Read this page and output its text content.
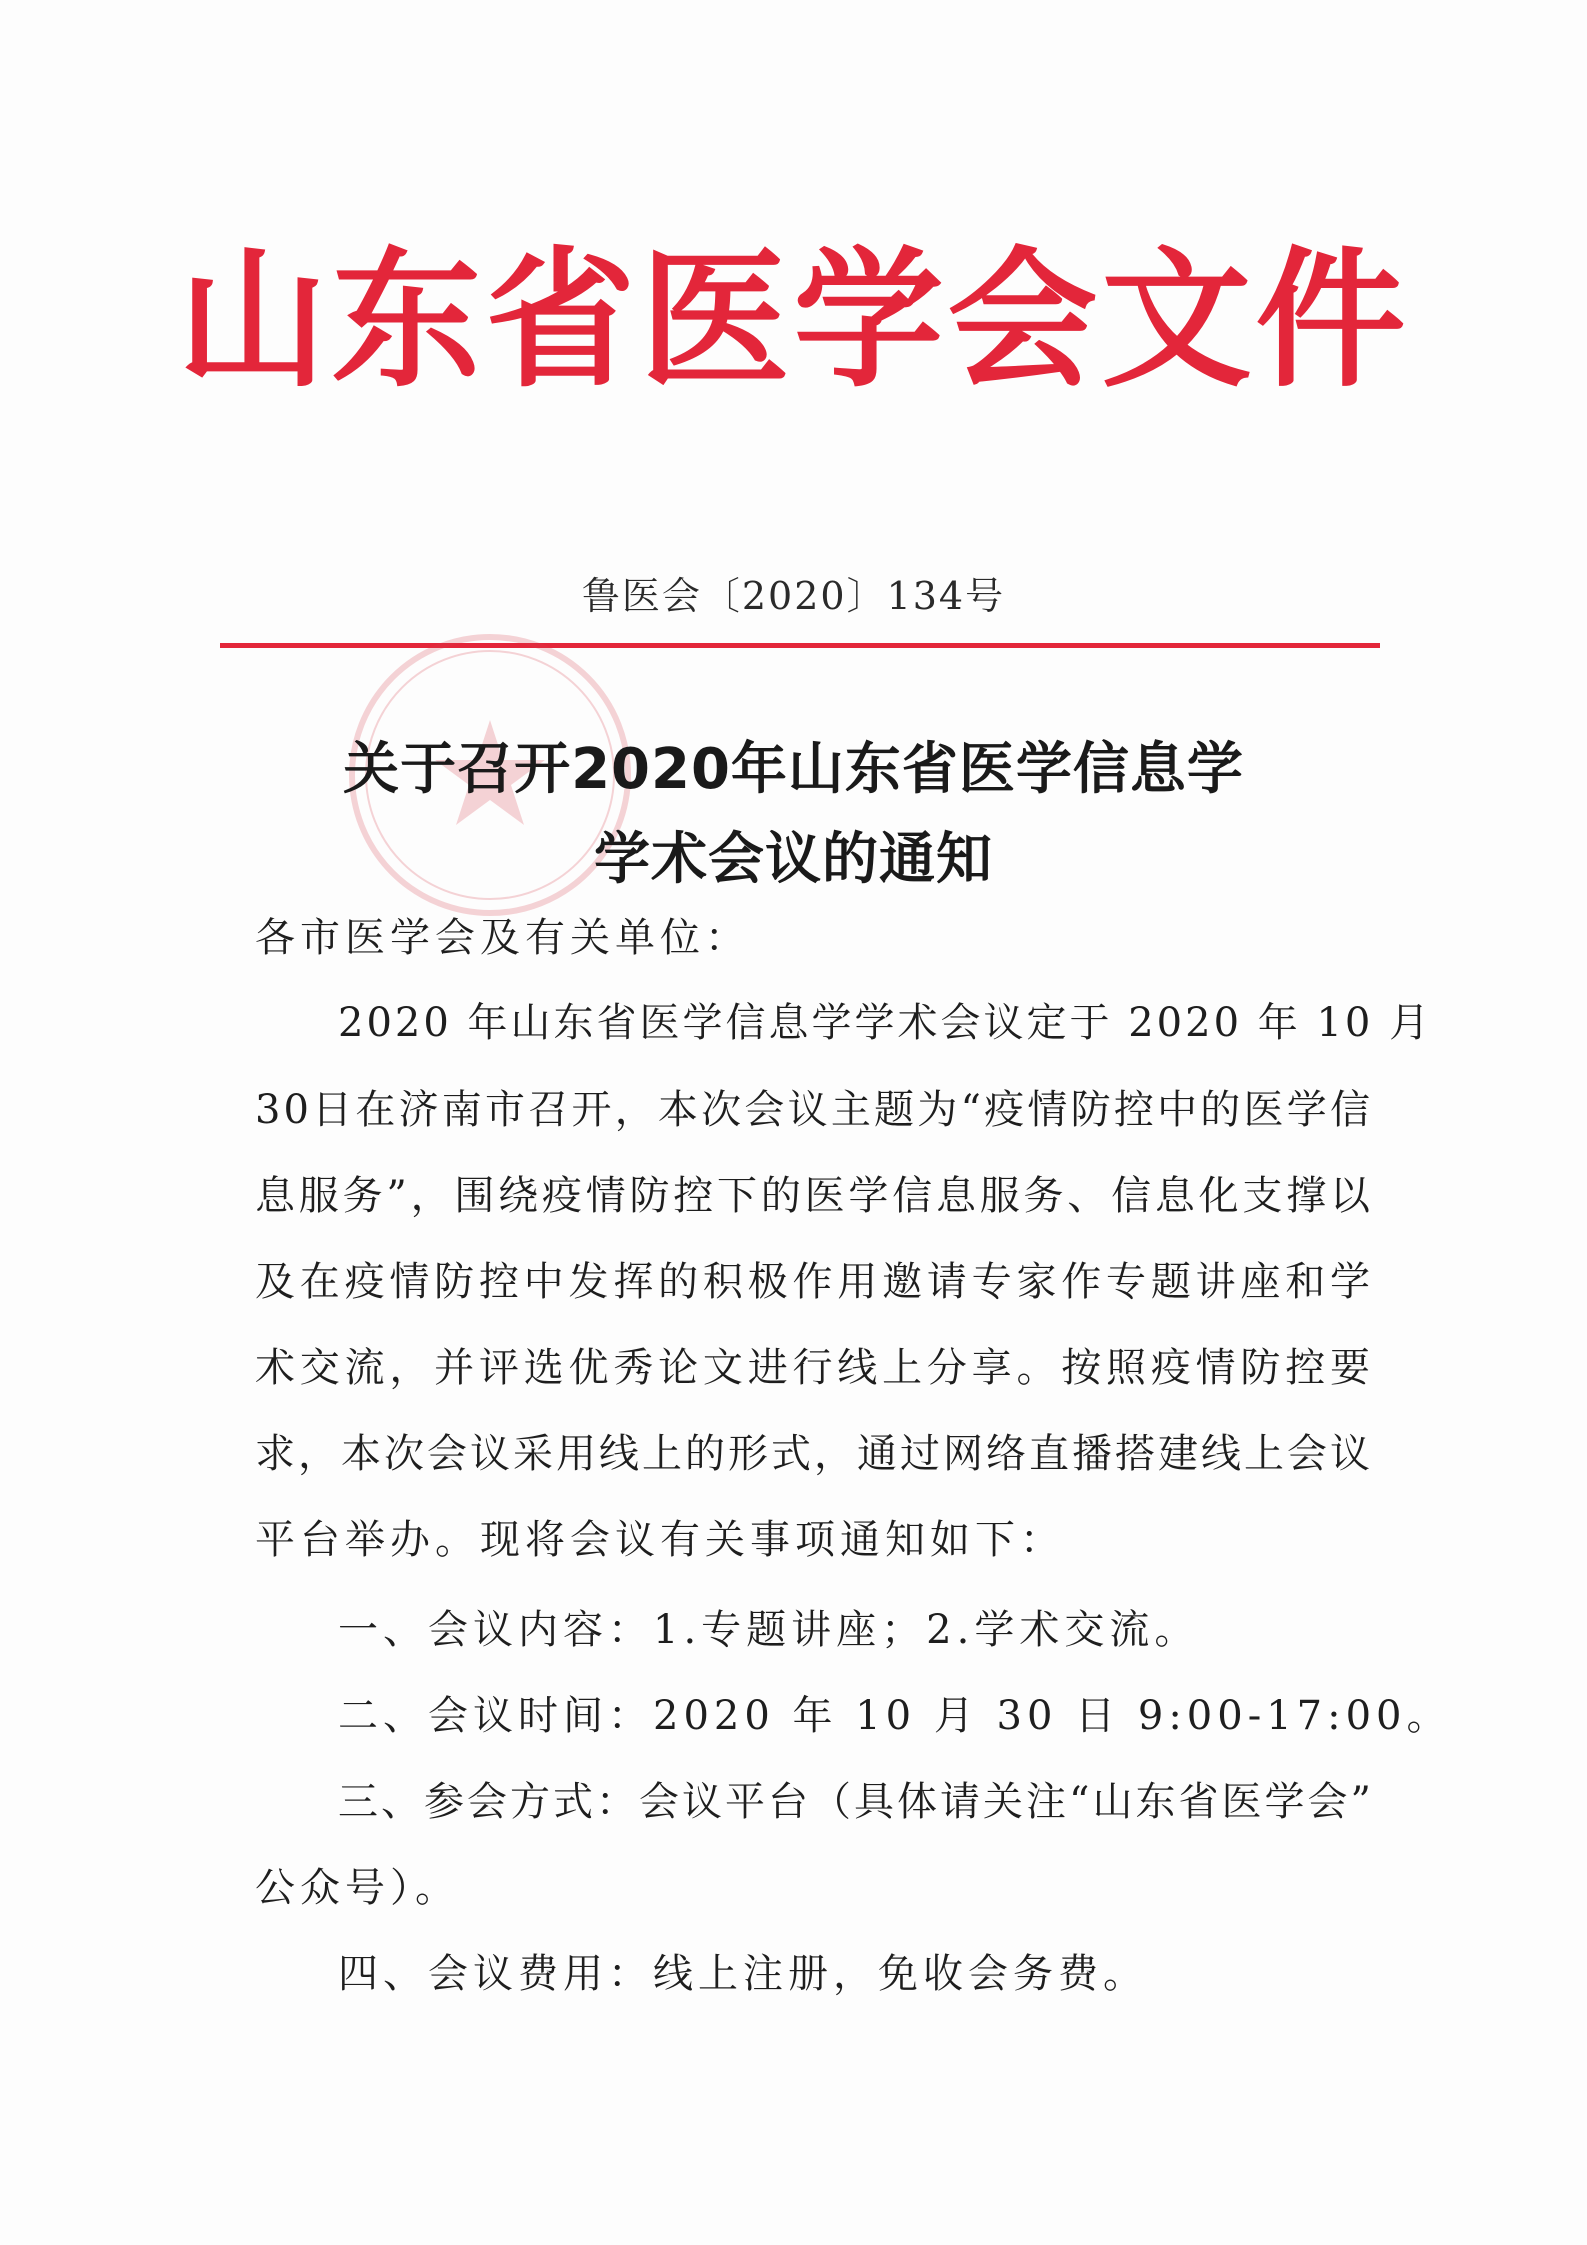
山东省医学会文件
鲁医会〔2020〕134号
关于召开2020年山东省医学信息学
学术会议的通知
各市医学会及有关单位：
2020 年山东省医学信息学学术会议定于 2020 年 10 月
30日在济南市召开，本次会议主题为“疫情防控中的医学信
息服务”，围绕疫情防控下的医学信息服务、信息化支撑以
及在疫情防控中发挥的积极作用邀请专家作专题讲座和学
术交流，并评选优秀论文进行线上分享。按照疫情防控要
求，本次会议采用线上的形式，通过网络直播搭建线上会议
平台举办。现将会议有关事项通知如下：
一、会议内容：1.专题讲座；2.学术交流。
二、会议时间：2020 年 10 月 30 日 9:00-17:00。
三、参会方式：会议平台（具体请关注“山东省医学会”
公众号）。
四、会议费用：线上注册，免收会务费。
